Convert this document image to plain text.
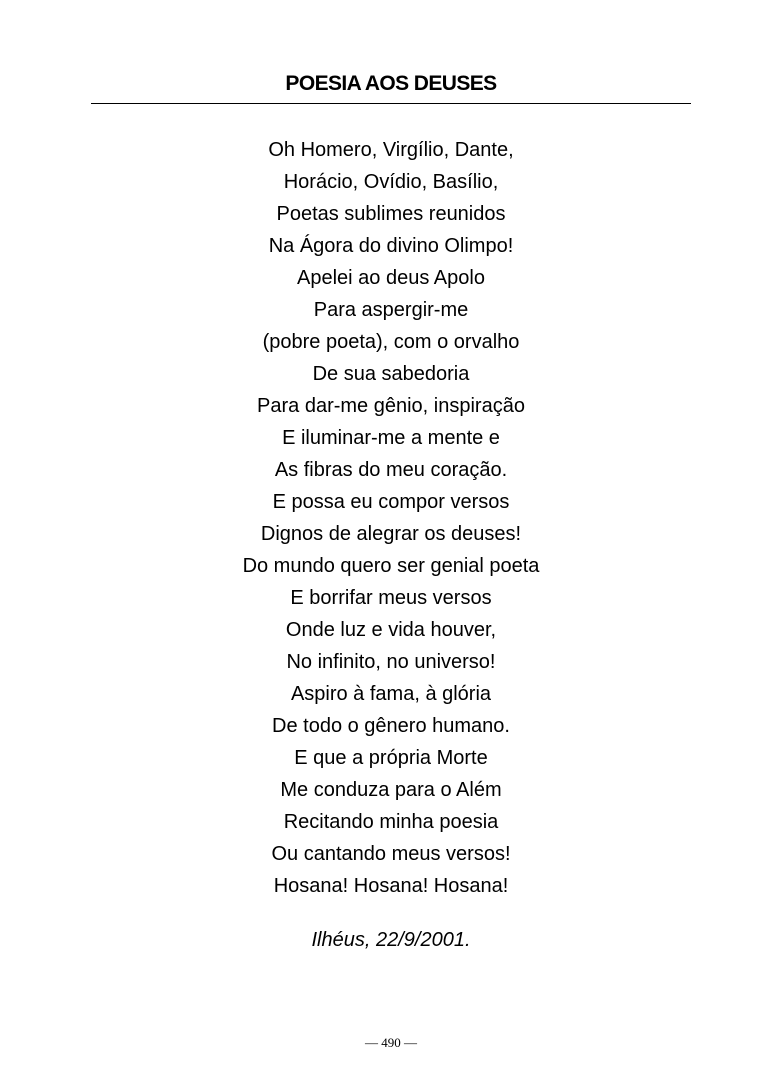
POESIA AOS DEUSES
Oh Homero, Virgílio, Dante,
Horácio, Ovídio, Basílio,
Poetas sublimes reunidos
Na Ágora do divino Olimpo!
Apelei ao deus Apolo
Para aspergir-me
(pobre poeta), com o orvalho
De sua sabedoria
Para dar-me gênio, inspiração
E iluminar-me a mente e
As fibras do meu coração.
E possa eu compor versos
Dignos de alegrar os deuses!
Do mundo quero ser genial poeta
E borrifar meus versos
Onde luz e vida houver,
No infinito, no universo!
Aspiro à fama, à glória
De todo o gênero humano.
E que a própria Morte
Me conduza para o Além
Recitando minha poesia
Ou cantando meus versos!
Hosana! Hosana! Hosana!
Ilhéus, 22/9/2001.
— 490 —
